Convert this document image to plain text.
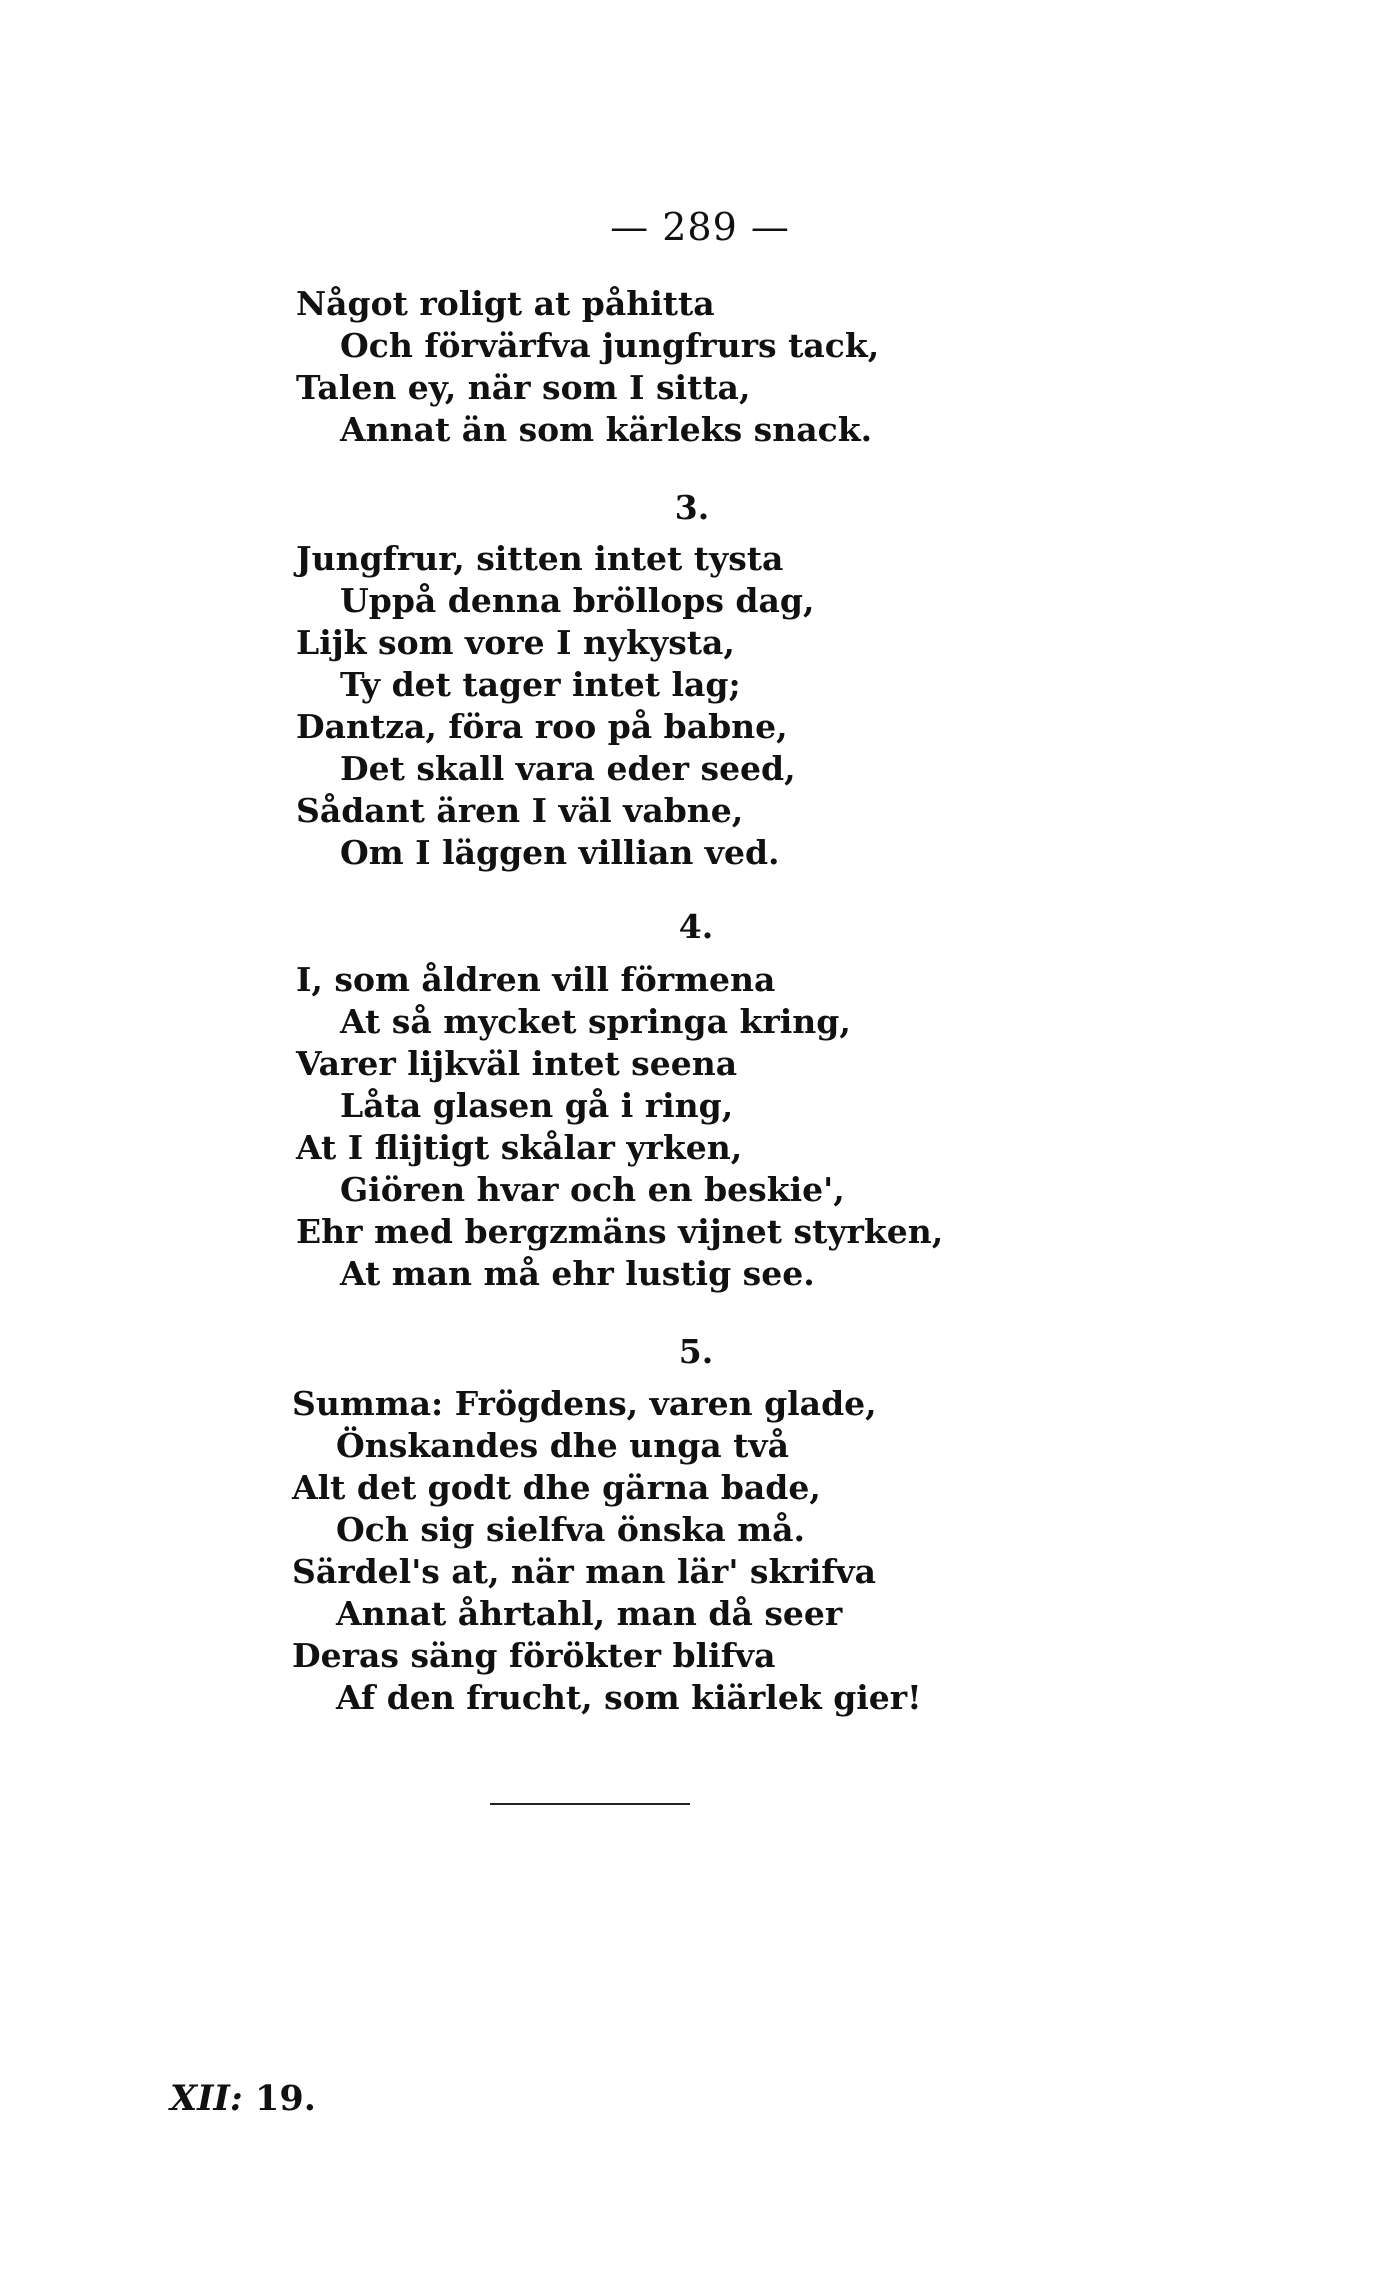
— 289 —
Något roligt at påhitta
Och förvärfva jungfrurs tack,
Talen ey, när som I sitta,
Annat än som kärleks snack.
3.
Jungfrur, sitten intet tysta
Uppå denna bröllops dag,
Lijk som vore I nykysta,
Ty det tager intet lag;
Dantza, föra roo på babne,
Det skall vara eder seed,
Sådant ären I väl vabne,
Om I läggen villian ved.
4.
I, som åldren vill förmena
At så mycket springa kring,
Varer lijkväl intet seena
Låta glasen gå i ring,
At I flijtigt skålar yrken,
Giören hvar och en beskie',
Ehr med bergzmäns vijnet styrken,
At man må ehr lustig see.
5.
Summa: Frögdens, varen glade,
Önskandes dhe unga två
Alt det godt dhe gärna bade,
Och sig sielfva önska må.
Särdel's at, när man lär' skrifva
Annat åhrtahl, man då seer
Deras säng förökter blifva
Af den frucht, som kiärlek gier!
XII: 19.
